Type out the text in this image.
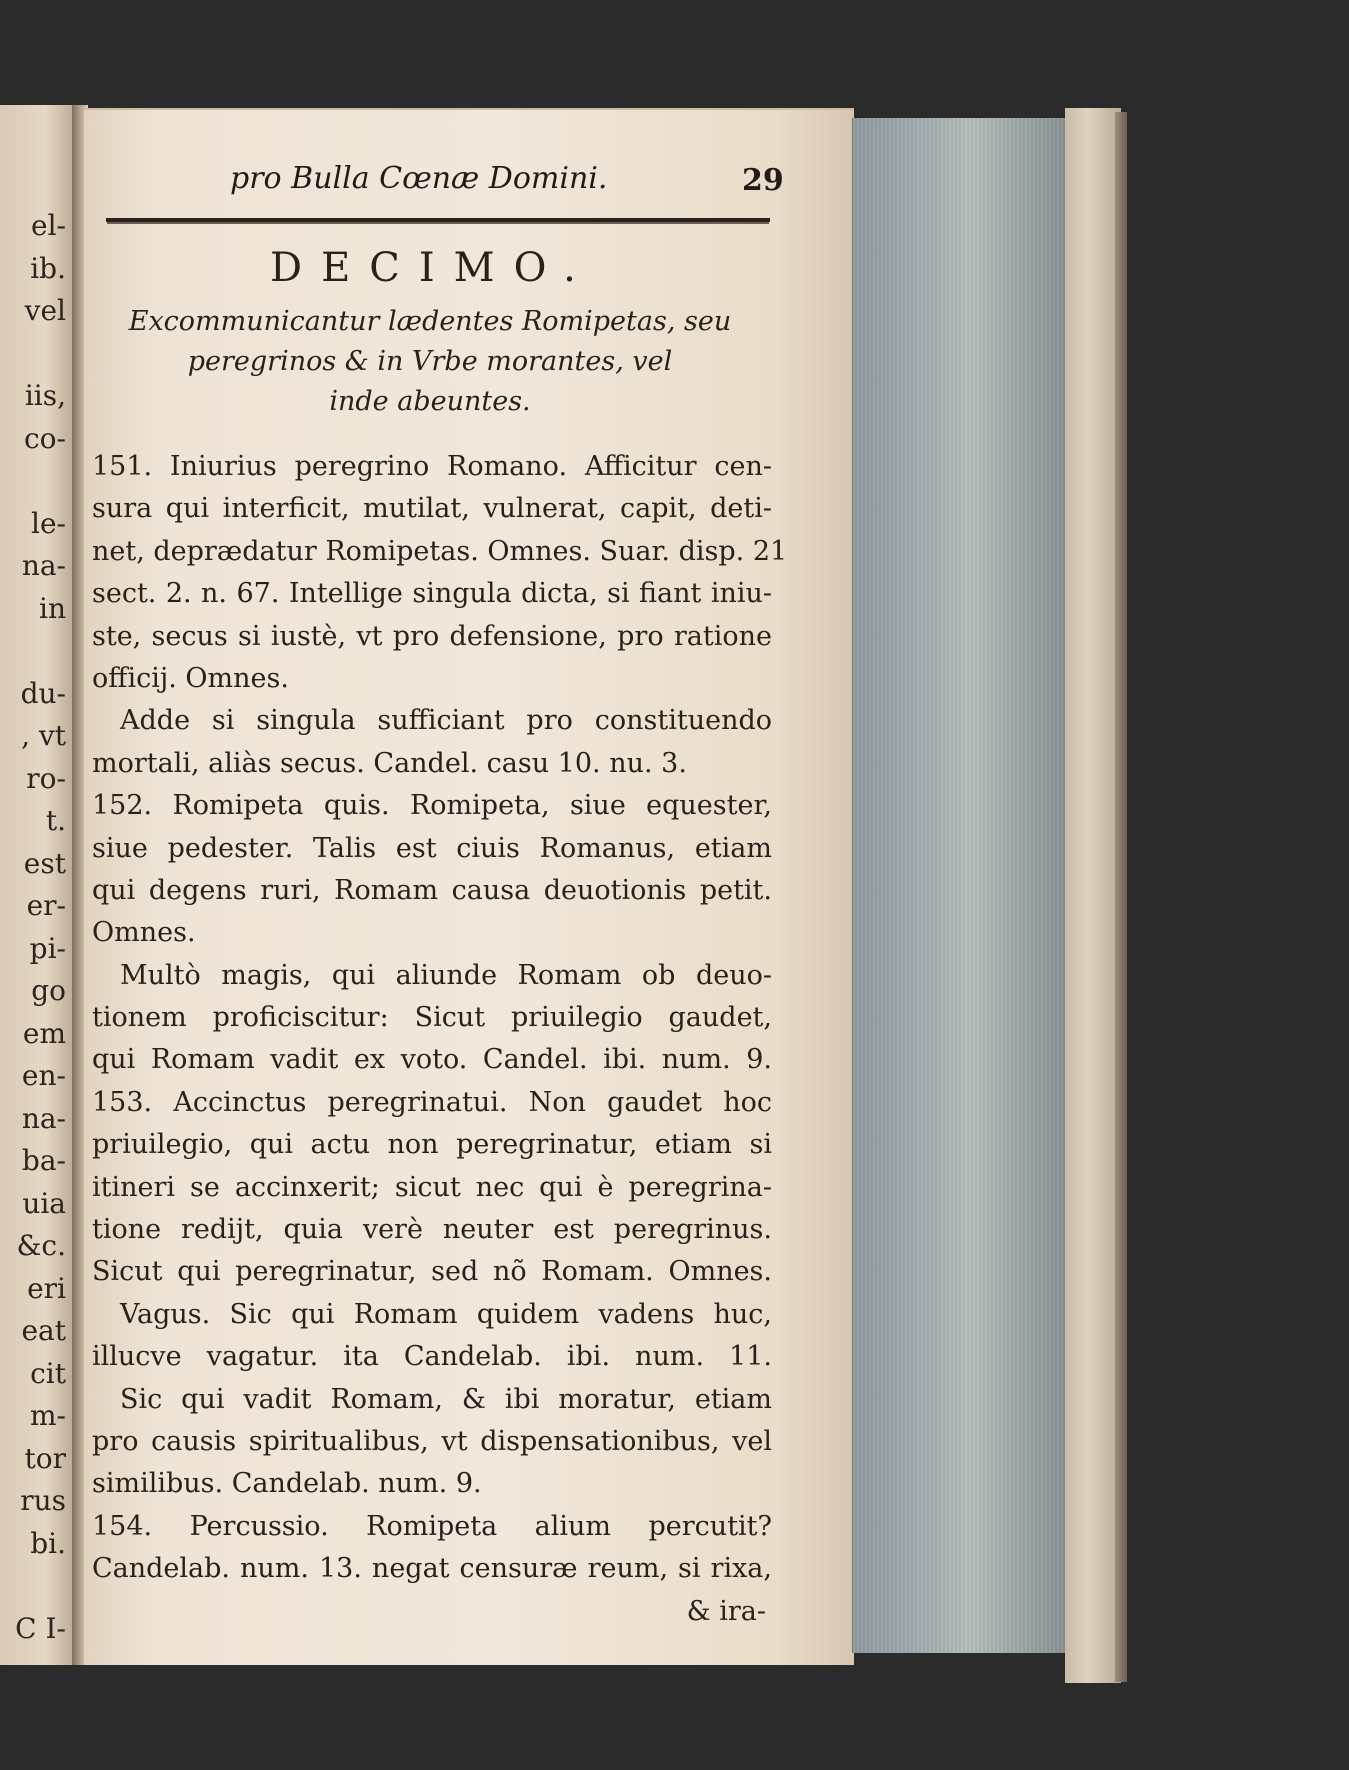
el-
ib.
vel
iis,
co-
le-
na-
in
du-
, vt
ro-
t.
est
er-
pi-
go
em
en-
na-
ba-
uia
&c.
eri
eat
cit
m-
tor
rus
bi.
C I-
pro Bulla Cœnæ Domini.	29
DECIMO.
Excommunicantur lædentes Romipetas, seu
peregrinos & in Vrbe morantes, vel
inde abeuntes.
151. Iniurius peregrino Romano. Afficitur cen-
sura qui interficit, mutilat, vulnerat, capit, deti-
net, deprædatur Romipetas. Omnes. Suar. disp. 21
sect. 2. n. 67. Intellige singula dicta, si fiant iniu-
ste, secus si iustè, vt pro defensione, pro ratione
officij. Omnes.
Adde si singula sufficiant pro constituendo
mortali, aliàs secus. Candel. casu 10. nu. 3.
152. Romipeta quis. Romipeta, siue equester,
siue pedester. Talis est ciuis Romanus, etiam
qui degens ruri, Romam causa deuotionis petit.
Omnes.
Multò magis, qui aliunde Romam ob deuo-
tionem proficiscitur: Sicut priuilegio gaudet,
qui Romam vadit ex voto. Candel. ibi. num. 9.
153. Accinctus peregrinatui. Non gaudet hoc
priuilegio, qui actu non peregrinatur, etiam si
itineri se accinxerit; sicut nec qui è peregrina-
tione redijt, quia verè neuter est peregrinus.
Sicut qui peregrinatur, sed nõ Romam. Omnes.
Vagus. Sic qui Romam quidem vadens huc,
illucve vagatur. ita Candelab. ibi. num. 11.
Sic qui vadit Romam, & ibi moratur, etiam
pro causis spiritualibus, vt dispensationibus, vel
similibus. Candelab. num. 9.
154. Percussio. Romipeta alium percutit?
Candelab. num. 13. negat censuræ reum, si rixa,
& ira-
